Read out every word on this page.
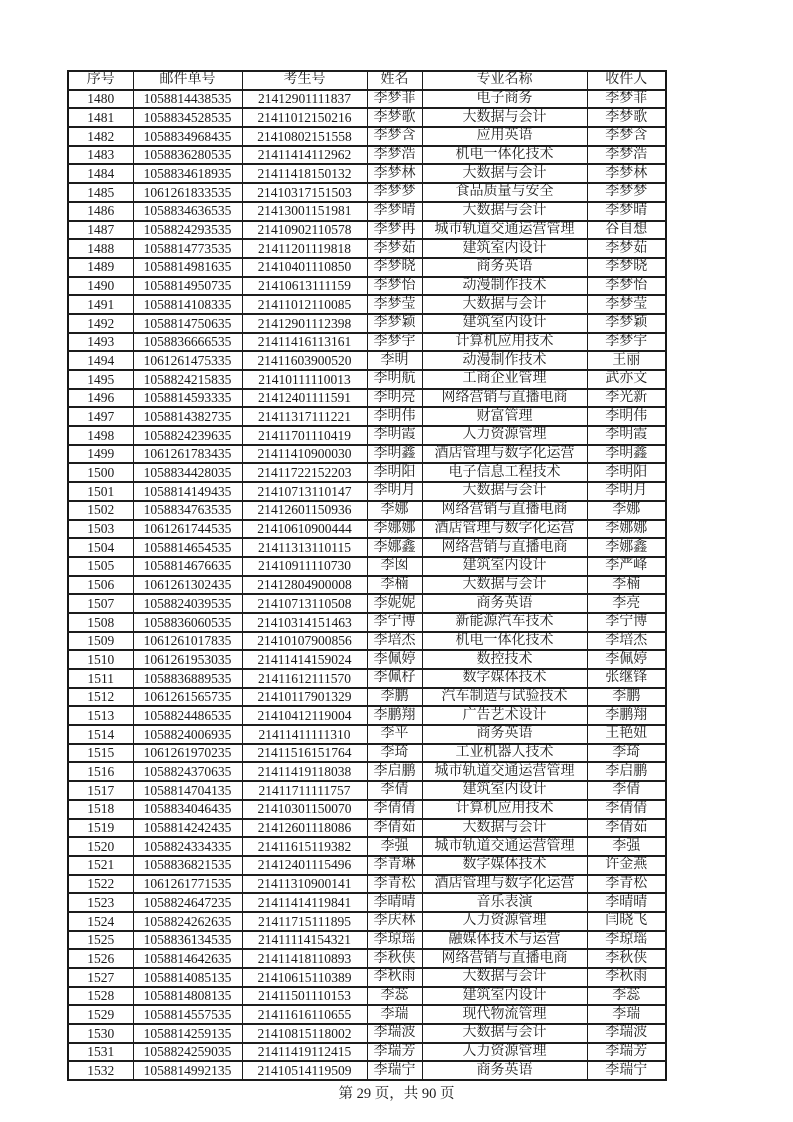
序号	邮件单号	考生号	姓名	专业名称	收件人
1480	1058814438535	21412901111837	李梦菲	电子商务	李梦菲
1481	1058834528535	21411012150216	李梦歌	大数据与会计	李梦歌
1482	1058834968435	21410802151558	李梦含	应用英语	李梦含
1483	1058836280535	21411414112962	李梦浩	机电一体化技术	李梦浩
1484	1058834618935	21411418150132	李梦林	大数据与会计	李梦林
1485	1061261833535	21410317151503	李梦梦	食品质量与安全	李梦梦
1486	1058834636535	21413001151981	李梦晴	大数据与会计	李梦晴
1487	1058824293535	21410902110578	李梦冉	城市轨道交通运营管理	谷自想
1488	1058814773535	21411201119818	李梦茹	建筑室内设计	李梦茹
1489	1058814981635	21410401110850	李梦晓	商务英语	李梦晓
1490	1058814950735	21410613111159	李梦怡	动漫制作技术	李梦怡
1491	1058814108335	21411012110085	李梦莹	大数据与会计	李梦莹
1492	1058814750635	21412901112398	李梦颖	建筑室内设计	李梦颖
1493	1058836666535	21411416113161	李梦宇	计算机应用技术	李梦宇
1494	1061261475335	21411603900520	李明	动漫制作技术	王丽
1495	1058824215835	21410111110013	李明航	工商企业管理	武亦文
1496	1058814593335	21412401111591	李明亮	网络营销与直播电商	李光新
1497	1058814382735	21411317111221	李明伟	财富管理	李明伟
1498	1058824239635	21411701110419	李明霞	人力资源管理	李明霞
1499	1061261783435	21411410900030	李明鑫	酒店管理与数字化运营	李明鑫
1500	1058834428035	21411722152203	李明阳	电子信息工程技术	李明阳
1501	1058814149435	21410713110147	李明月	大数据与会计	李明月
1502	1058834763535	21412601150936	李娜	网络营销与直播电商	李娜
1503	1061261744535	21410610900444	李娜娜	酒店管理与数字化运营	李娜娜
1504	1058814654535	21411313110115	李娜鑫	网络营销与直播电商	李娜鑫
1505	1058814676635	21410911110730	李囡	建筑室内设计	李严峰
1506	1061261302435	21412804900008	李楠	大数据与会计	李楠
1507	1058824039535	21410713110508	李妮妮	商务英语	李亮
1508	1058836060535	21410314151463	李宁博	新能源汽车技术	李宁博
1509	1061261017835	21410107900856	李培杰	机电一体化技术	李培杰
1510	1061261953035	21411414159024	李佩婷	数控技术	李佩婷
1511	1058836889535	21411612111570	李佩杍	数字媒体技术	张继锋
1512	1061261565735	21410117901329	李鹏	汽车制造与试验技术	李鹏
1513	1058824486535	21410412119004	李鹏翔	广告艺术设计	李鹏翔
1514	1058824006935	21411411111310	李平	商务英语	王艳妞
1515	1061261970235	21411516151764	李琦	工业机器人技术	李琦
1516	1058824370635	21411419118038	李启鹏	城市轨道交通运营管理	李启鹏
1517	1058814704135	21411711111757	李倩	建筑室内设计	李倩
1518	1058834046435	21410301150070	李倩倩	计算机应用技术	李倩倩
1519	1058814242435	21412601118086	李倩茹	大数据与会计	李倩茹
1520	1058824334335	21411615119382	李强	城市轨道交通运营管理	李强
1521	1058836821535	21412401115496	李青琳	数字媒体技术	许金燕
1522	1061261771535	21411310900141	李青松	酒店管理与数字化运营	李青松
1523	1058824647235	21411414119841	李晴晴	音乐表演	李晴晴
1524	1058824262635	21411715111895	李庆林	人力资源管理	闫晓飞
1525	1058836134535	21411114154321	李琼瑶	融媒体技术与运营	李琼瑶
1526	1058814642635	21411418110893	李秋侠	网络营销与直播电商	李秋侠
1527	1058814085135	21410615110389	李秋雨	大数据与会计	李秋雨
1528	1058814808135	21411501110153	李蕊	建筑室内设计	李蕊
1529	1058814557535	21411616110655	李瑞	现代物流管理	李瑞
1530	1058814259135	21410815118002	李瑞波	大数据与会计	李瑞波
1531	1058824259035	21411419112415	李瑞芳	人力资源管理	李瑞芳
1532	1058814992135	21410514119509	李瑞宁	商务英语	李瑞宁
第 29 页，共 90 页
